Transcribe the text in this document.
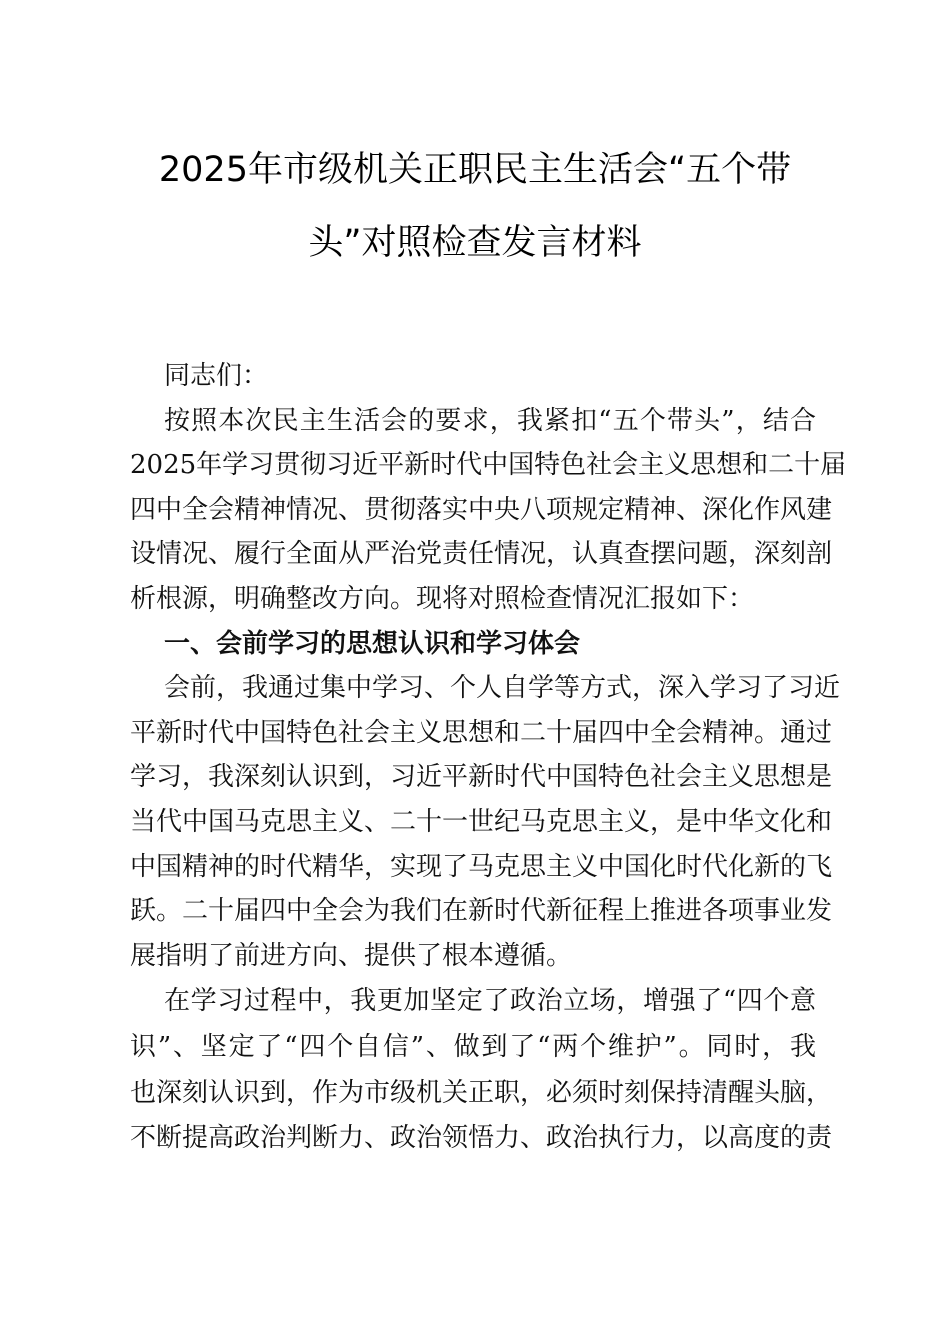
2025年市级机关正职民主生活会“五个带
头”对照检查发言材料
同志们：
按照本次民主生活会的要求，我紧扣“五个带头”，结合
2025年学习贯彻习近平新时代中国特色社会主义思想和二十届
四中全会精神情况、贯彻落实中央八项规定精神、深化作风建
设情况、履行全面从严治党责任情况，认真查摆问题，深刻剖
析根源，明确整改方向。现将对照检查情况汇报如下：
一、会前学习的思想认识和学习体会
会前，我通过集中学习、个人自学等方式，深入学习了习近
平新时代中国特色社会主义思想和二十届四中全会精神。通过
学习，我深刻认识到，习近平新时代中国特色社会主义思想是
当代中国马克思主义、二十一世纪马克思主义，是中华文化和
中国精神的时代精华，实现了马克思主义中国化时代化新的飞
跃。二十届四中全会为我们在新时代新征程上推进各项事业发
展指明了前进方向、提供了根本遵循。
在学习过程中，我更加坚定了政治立场，增强了“四个意
识”、坚定了“四个自信”、做到了“两个维护”。同时，我
也深刻认识到，作为市级机关正职，必须时刻保持清醒头脑，
不断提高政治判断力、政治领悟力、政治执行力，以高度的责
